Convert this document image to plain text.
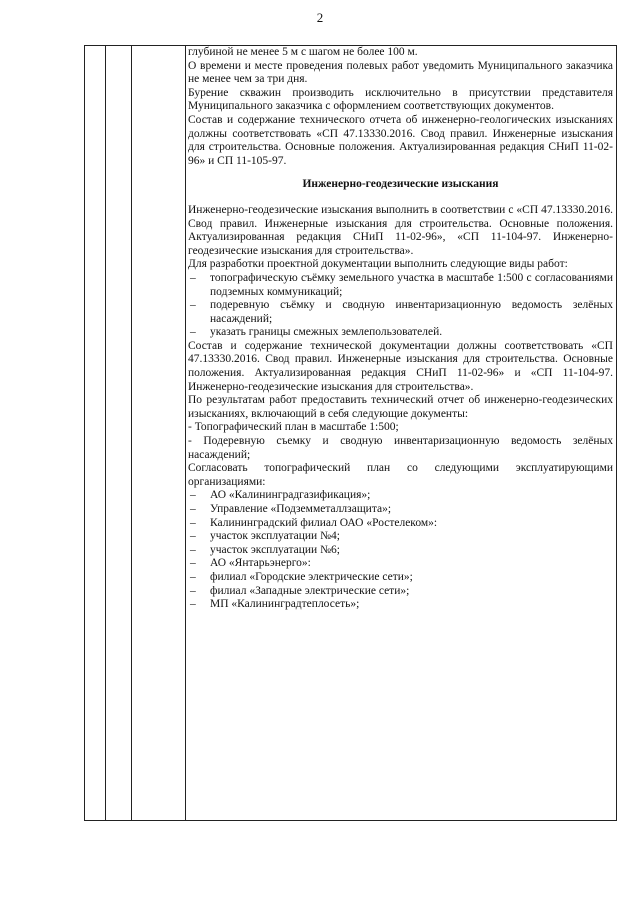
2
глубиной не менее 5 м с шагом не более 100 м.
О времени и месте проведения полевых работ уведомить Муниципального заказчика не менее чем за три дня.
Бурение скважин производить исключительно в присутствии представителя Муниципального заказчика с оформлением соответствующих документов.
Состав и содержание технического отчета об инженерно-геологических изысканиях должны соответствовать «СП 47.13330.2016. Свод правил. Инженерные изыскания для строительства. Основные положения. Актуализированная редакция СНиП 11-02-96» и СП 11-105-97.
Инженерно-геодезические изыскания
Инженерно-геодезические изыскания выполнить в соответствии с «СП 47.13330.2016. Свод правил. Инженерные изыскания для строительства. Основные положения. Актуализированная редакция СНиП 11-02-96», «СП 11-104-97. Инженерно-геодезические изыскания для строительства».
Для разработки проектной документации выполнить следующие виды работ:
– топографическую съёмку земельного участка в масштабе 1:500 с согласованиями подземных коммуникаций;
– подеревную съёмку и сводную инвентаризационную ведомость зелёных насаждений;
– указать границы смежных землепользователей.
Состав и содержание технической документации должны соответствовать «СП 47.13330.2016. Свод правил. Инженерные изыскания для строительства. Основные положения. Актуализированная редакция СНиП 11-02-96» и «СП 11-104-97. Инженерно-геодезические изыскания для строительства».
По результатам работ предоставить технический отчет об инженерно-геодезических изысканиях, включающий в себя следующие документы:
- Топографический план в масштабе 1:500;
- Подеревную съемку и сводную инвентаризационную ведомость зелёных насаждений;
Согласовать топографический план со следующими эксплуатирующими организациями:
– АО «Калининградгазификация»;
– Управление «Подземметаллзащита»;
– Калининградский филиал ОАО «Ростелеком»:
– участок эксплуатации №4;
– участок эксплуатации №6;
– АО «Янтарьэнерго»:
– филиал «Городские электрические сети»;
– филиал «Западные электрические сети»;
– МП «Калининградтеплосеть»;
